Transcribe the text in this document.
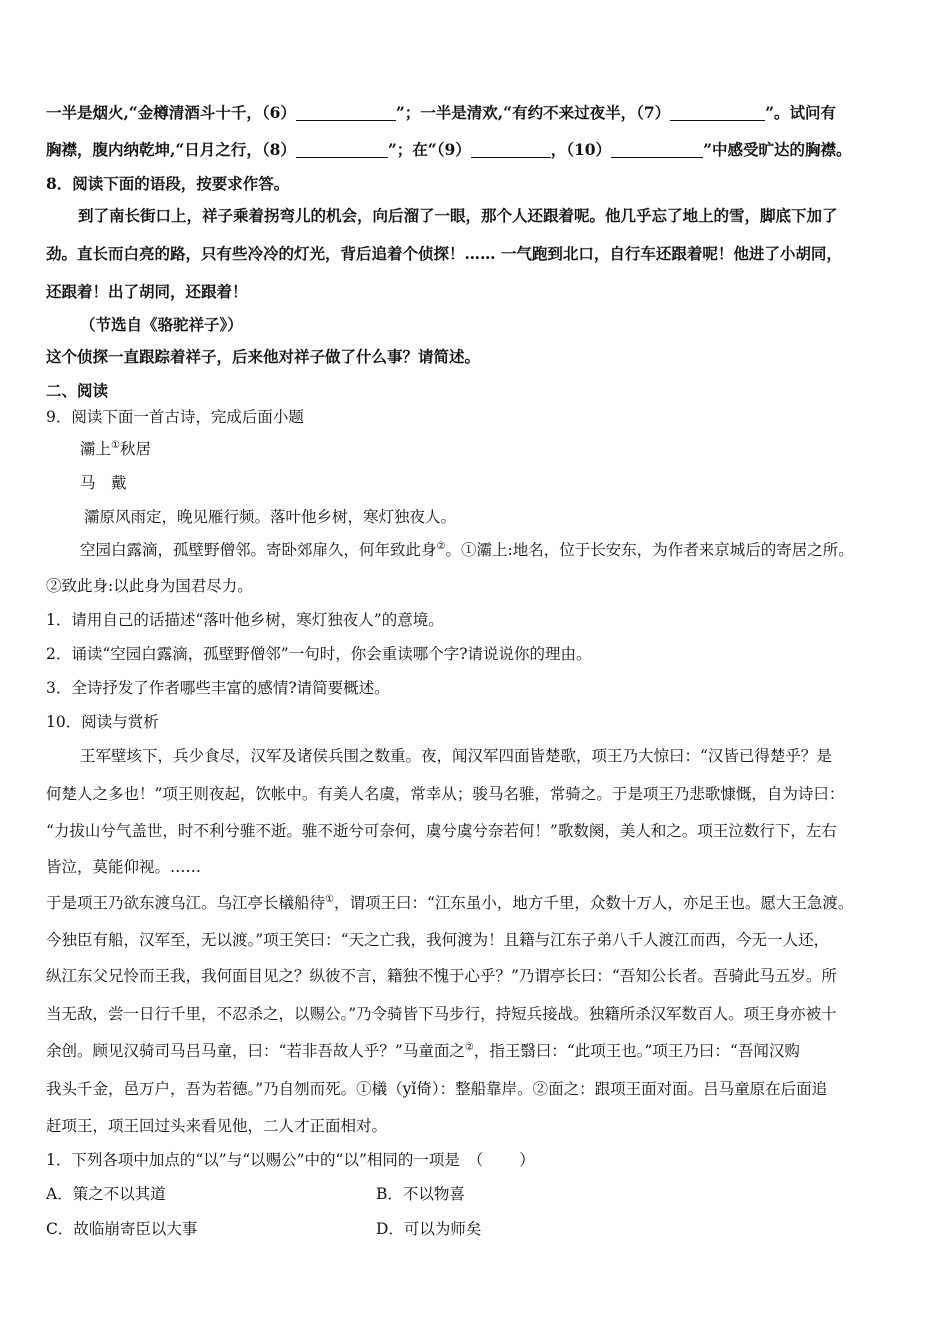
一半是烟火,“金樽清酒斗十千，（6）	”；一半是清欢,“有约不来过夜半，（7）	”。试问有
胸襟，腹内纳乾坤,“日月之行，（8）	”；在“（9）	，（10）	”中感受旷达的胸襟。
8．阅读下面的语段，按要求作答。
到了南长街口上，祥子乘着拐弯儿的机会，向后溜了一眼，那个人还跟着呢。他几乎忘了地上的雪，脚底下加了
劲。直长而白亮的路，只有些冷冷的灯光，背后追着个侦探！…… 一气跑到北口，自行车还跟着呢！他进了小胡同，
还跟着！出了胡同，还跟着！
（节选自《骆驼祥子》）
这个侦探一直跟踪着祥子，后来他对祥子做了什么事？请简述。
二、阅读
9．阅读下面一首古诗，完成后面小题
灞上①秋居
马　戴
灞原风雨定，晚见雁行频。落叶他乡树，寒灯独夜人。
空园白露滴，孤壁野僧邻。寄卧郊扉久，何年致此身②。①灞上:地名，位于长安东，为作者来京城后的寄居之所。
②致此身:以此身为国君尽力。
1．请用自己的话描述“落叶他乡树，寒灯独夜人”的意境。
2．诵读“空园白露滴，孤壁野僧邻”一句时，你会重读哪个字?请说说你的理由。
3．全诗抒发了作者哪些丰富的感情?请简要概述。
10．阅读与赏析
王军壁垓下，兵少食尽，汉军及诸侯兵围之数重。夜，闻汉军四面皆楚歌，项王乃大惊曰：“汉皆已得楚乎？是
何楚人之多也！”项王则夜起，饮帐中。有美人名虞，常幸从；骏马名骓，常骑之。于是项王乃悲歌慷慨，自为诗曰：
“力拔山兮气盖世，时不利兮骓不逝。骓不逝兮可奈何，虞兮虞兮奈若何！”歌数阕，美人和之。项王泣数行下，左右
皆泣，莫能仰视。……
于是项王乃欲东渡乌江。乌江亭长檥船待①，谓项王曰：“江东虽小，地方千里，众数十万人，亦足王也。愿大王急渡。
今独臣有船，汉军至，无以渡。”项王笑曰：“天之亡我，我何渡为！且籍与江东子弟八千人渡江而西，今无一人还，
纵江东父兄怜而王我，我何面目见之？纵彼不言，籍独不愧于心乎？”乃谓亭长曰：“吾知公长者。吾骑此马五岁。所
当无敌，尝一日行千里，不忍杀之，以赐公。”乃令骑皆下马步行，持短兵接战。独籍所杀汉军数百人。项王身亦被十
余创。顾见汉骑司马吕马童，曰：“若非吾故人乎？”马童面之②，指王翳曰：“此项王也。”项王乃曰：“吾闻汉购
我头千金，邑万户，吾为若德。”乃自刎而死。①檥（yǐ倚）：整船靠岸。②面之：跟项王面对面。吕马童原在后面追
赶项王，项王回过头来看见他，二人才正面相对。
1．下列各项中加点的“以”与“以赐公”中的“以”相同的一项是  （ ）
A．策之不以其道	B．不以物喜
C．故临崩寄臣以大事	D．可以为师矣
